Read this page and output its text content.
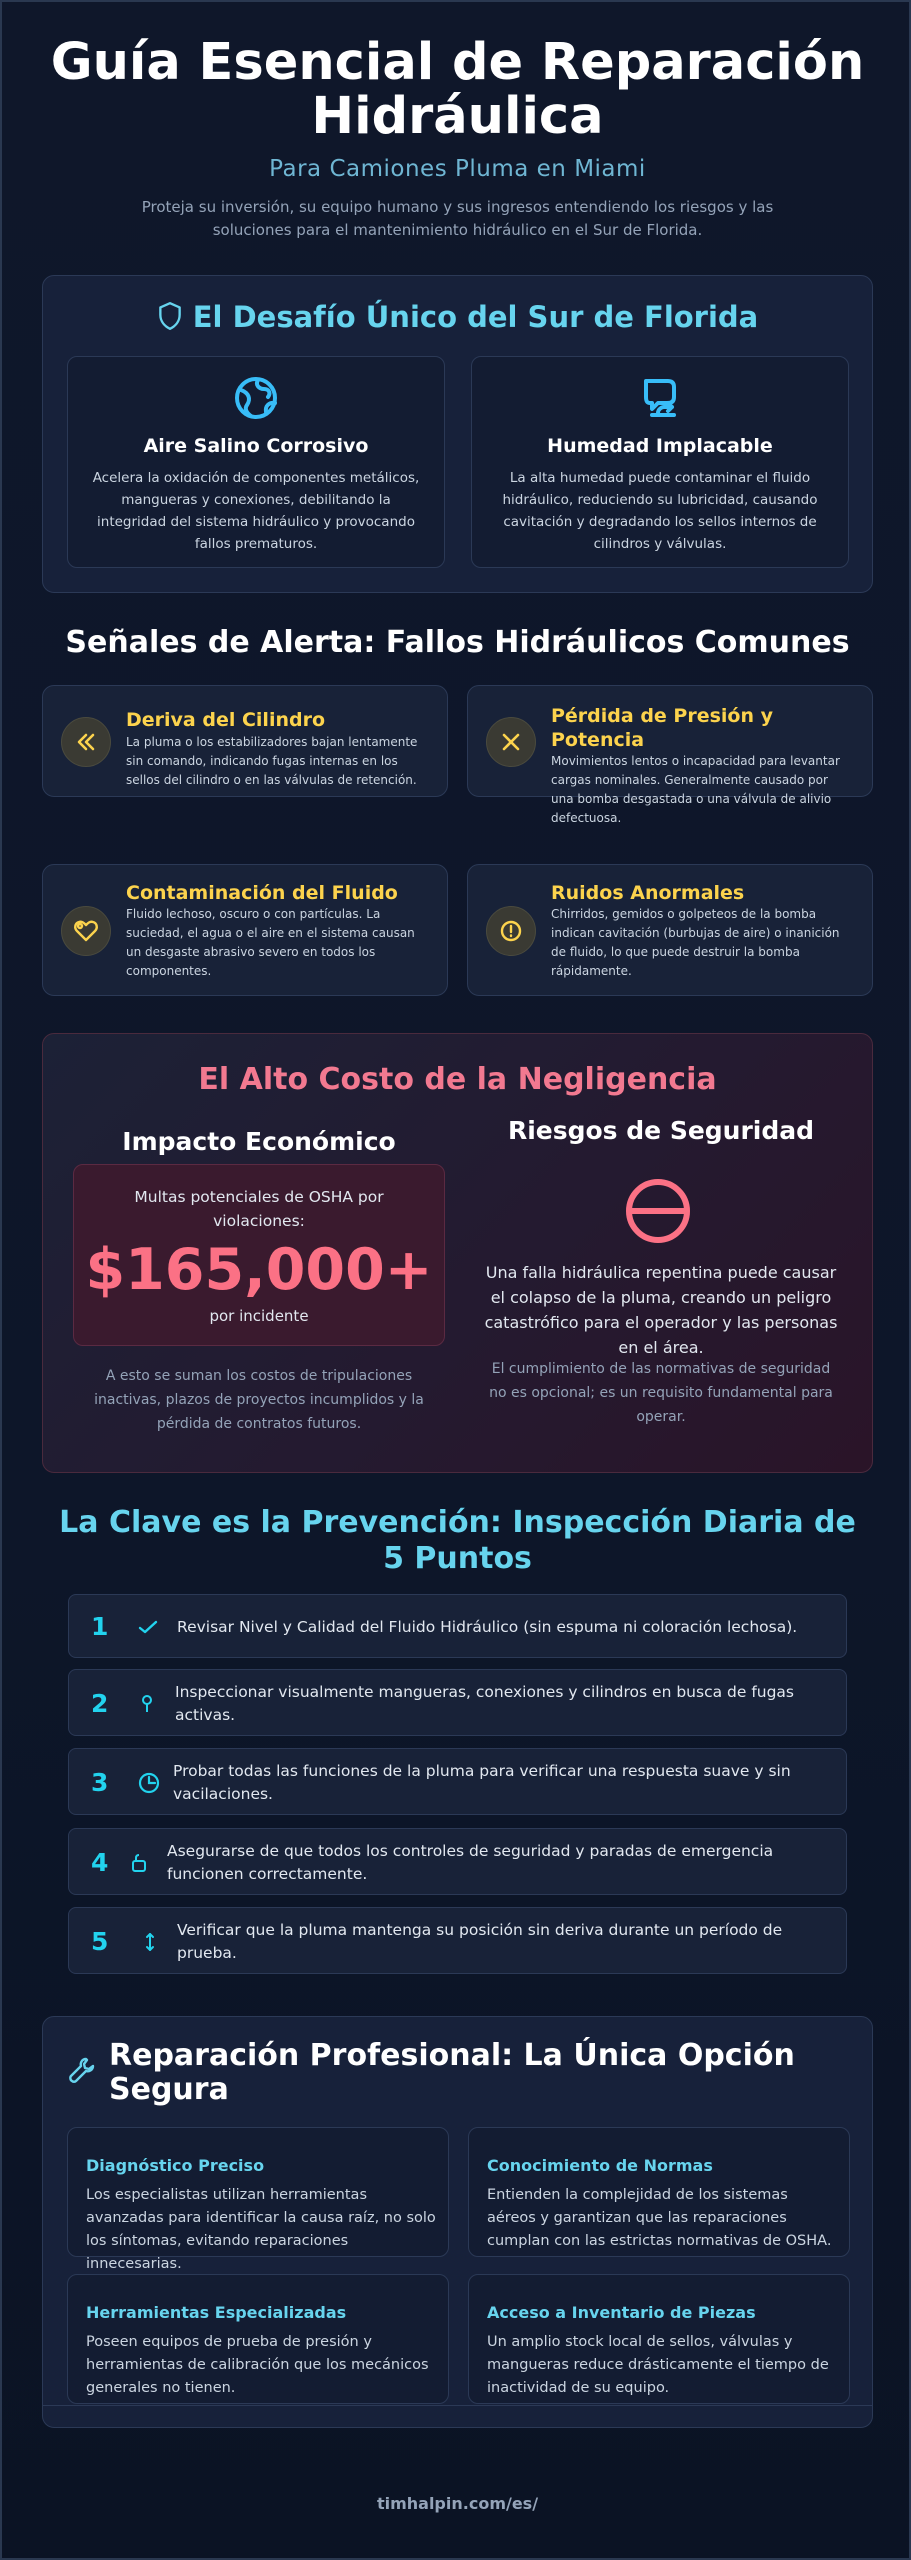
Guía Esencial de Reparación Hidráulica
Para Camiones Pluma en Miami

Proteja su inversión, su equipo humano y sus ingresos entendiendo los riesgos y las soluciones para el mantenimiento hidráulico en el Sur de Florida.

El Desafío Único del Sur de Florida
Aire Salino Corrosivo

Acelera la oxidación de componentes metálicos, mangueras y conexiones, debilitando la integridad del sistema hidráulico y provocando fallos prematuros.

Humedad Implacable

La alta humedad puede contaminar el fluido hidráulico, reduciendo su lubricidad, causando cavitación y degradando los sellos internos de cilindros y válvulas.

Señales de Alerta: Fallos Hidráulicos Comunes
Deriva del Cilindro

La pluma o los estabilizadores bajan lentamente sin comando, indicando fugas internas en los sellos del cilindro o en las válvulas de retención.

Pérdida de Presión y Potencia

Movimientos lentos o incapacidad para levantar cargas nominales. Generalmente causado por una bomba desgastada o una válvula de alivio defectuosa.

Contaminación del Fluido

Fluido lechoso, oscuro o con partículas. La suciedad, el agua o el aire en el sistema causan un desgaste abrasivo severo en todos los componentes.

Ruidos Anormales

Chirridos, gemidos o golpeteos de la bomba indican cavitación (burbujas de aire) o inanición de fluido, lo que puede destruir la bomba rápidamente.

El Alto Costo de la Negligencia
Impacto Económico

Multas potenciales de OSHA por violaciones:

$165,000+
por incidente

A esto se suman los costos de tripulaciones inactivas, plazos de proyectos incumplidos y la pérdida de contratos futuros.

Riesgos de Seguridad

Una falla hidráulica repentina puede causar el colapso de la pluma, creando un peligro catastrófico para el operador y las personas en el área.

El cumplimiento de las normativas de seguridad no es opcional; es un requisito fundamental para operar.

La Clave es la Prevención: Inspección Diaria de 5 Puntos
1	Revisar Nivel y Calidad del Fluido Hidráulico (sin espuma ni coloración lechosa).
2	Inspeccionar visualmente mangueras, conexiones y cilindros en busca de fugas activas.
3	Probar todas las funciones de la pluma para verificar una respuesta suave y sin vacilaciones.
4	Asegurarse de que todos los controles de seguridad y paradas de emergencia funcionen correctamente.
5	Verificar que la pluma mantenga su posición sin deriva durante un período de prueba.
Reparación Profesional: La Única Opción Segura
Diagnóstico Preciso

Los especialistas utilizan herramientas avanzadas para identificar la causa raíz, no solo los síntomas, evitando reparaciones innecesarias.

Conocimiento de Normas

Entienden la complejidad de los sistemas aéreos y garantizan que las reparaciones cumplan con las estrictas normativas de OSHA.

Herramientas Especializadas

Poseen equipos de prueba de presión y herramientas de calibración que los mecánicos generales no tienen.

Acceso a Inventario de Piezas

Un amplio stock local de sellos, válvulas y mangueras reduce drásticamente el tiempo de inactividad de su equipo.

timhalpin.com/es/
